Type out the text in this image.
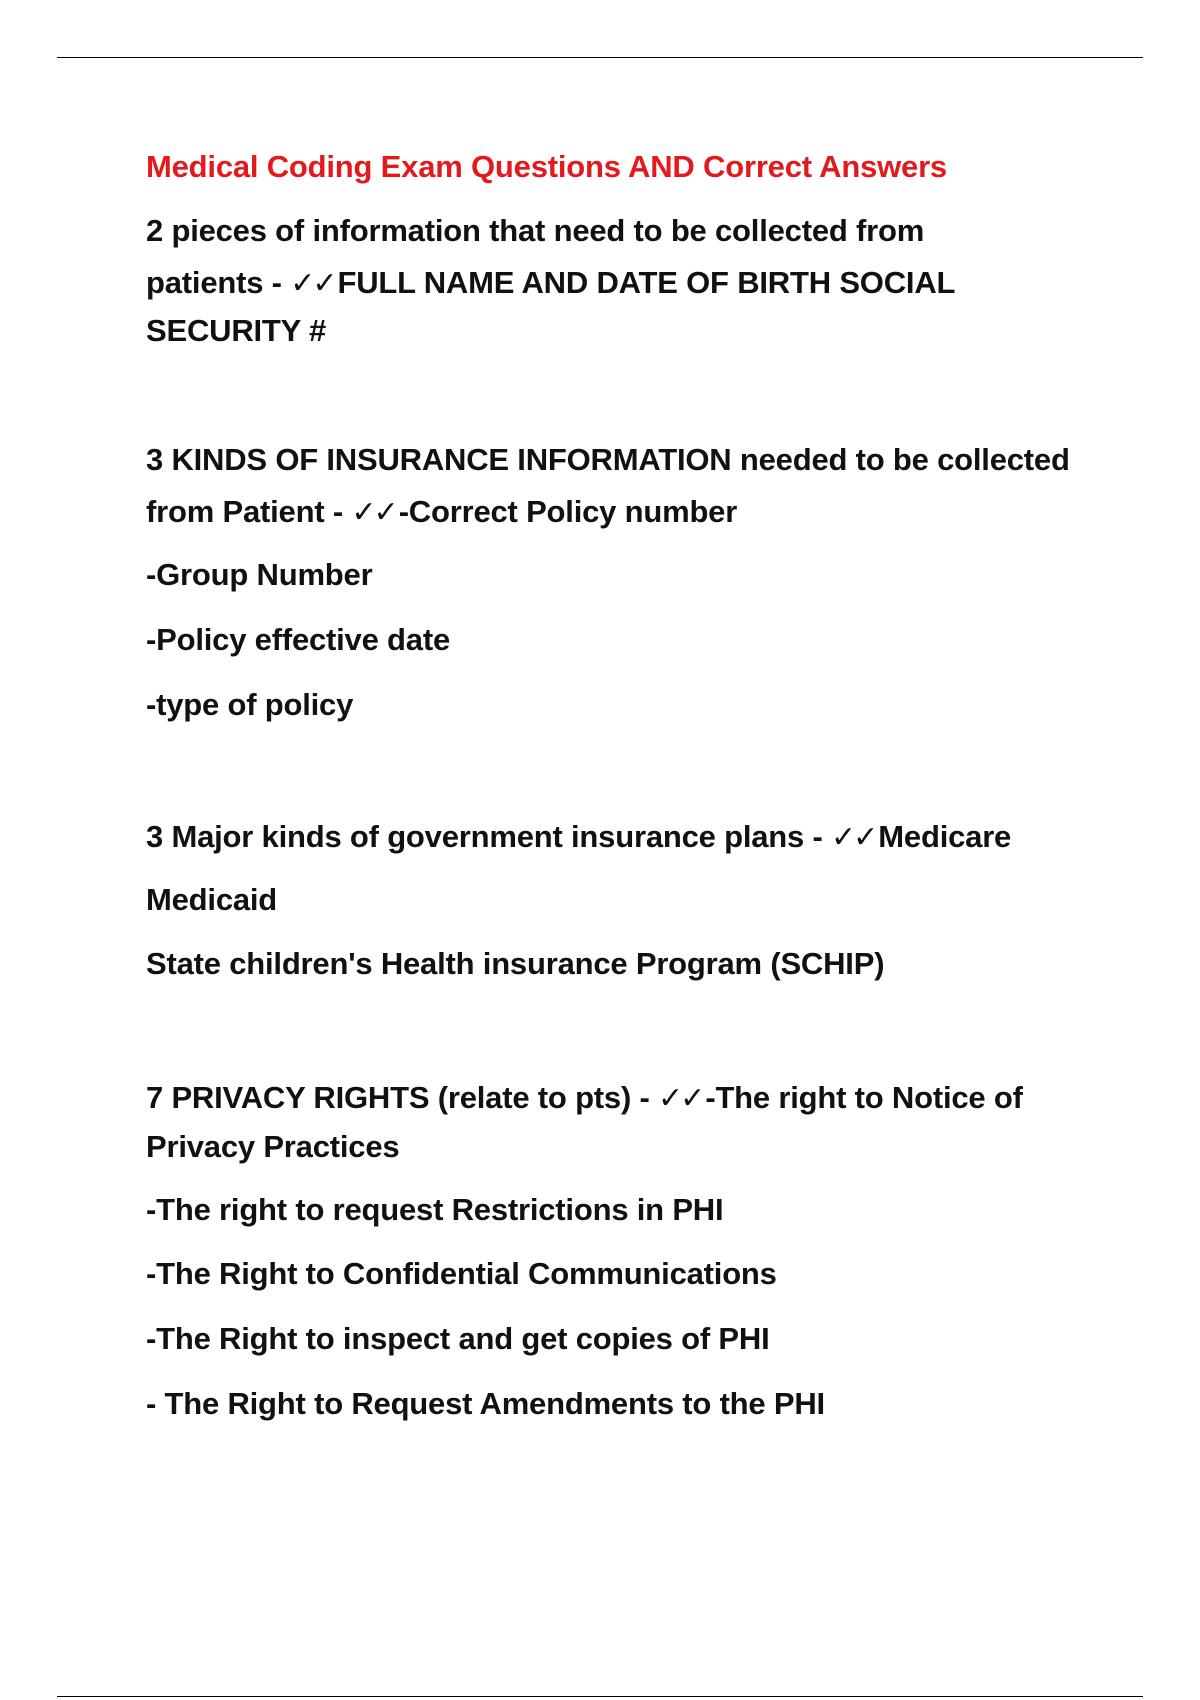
Medical Coding Exam Questions AND Correct Answers

2 pieces of information that need to be collected from

patients - ✓✓FULL NAME AND DATE OF BIRTH SOCIAL

SECURITY #

3 KINDS OF INSURANCE INFORMATION needed to be collected

from Patient - ✓✓-Correct Policy number

-Group Number

-Policy effective date

-type of policy

3 Major kinds of government insurance plans - ✓✓Medicare

Medicaid

State children's Health insurance Program (SCHIP)

7 PRIVACY RIGHTS (relate to pts) - ✓✓-The right to Notice of

Privacy Practices

-The right to request Restrictions in PHI

-The Right to Confidential Communications

-The Right to inspect and get copies of PHI

- The Right to Request Amendments to the PHI
